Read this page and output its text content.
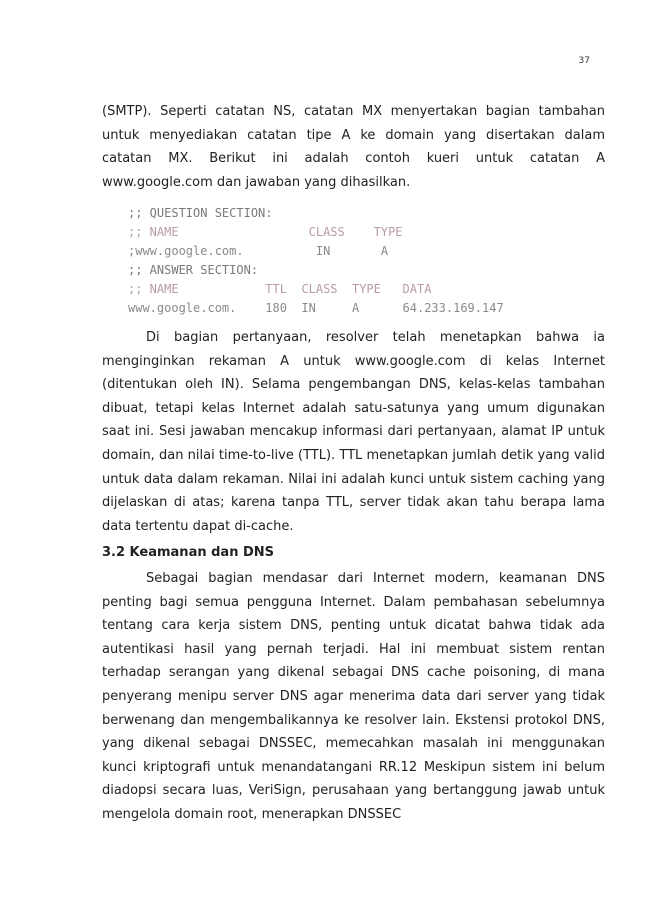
37

(SMTP). Seperti catatan NS, catatan MX menyertakan bagian tambahan untuk menyediakan catatan tipe A ke domain yang disertakan dalam catatan MX. Berikut ini adalah contoh kueri untuk catatan A www.google.com dan jawaban yang dihasilkan.

;; QUESTION SECTION:
;; NAME                  CLASS    TYPE
;www.google.com.          IN       A
;; ANSWER SECTION:
;; NAME            TTL  CLASS  TYPE   DATA
www.google.com.    180  IN     A      64.233.169.147

Di bagian pertanyaan, resolver telah menetapkan bahwa ia menginginkan rekaman A untuk www.google.com di kelas Internet (ditentukan oleh IN). Selama pengembangan DNS, kelas-kelas tambahan dibuat, tetapi kelas Internet adalah satu-satunya yang umum digunakan saat ini. Sesi jawaban mencakup informasi dari pertanyaan, alamat IP untuk domain, dan nilai time-to-live (TTL). TTL menetapkan jumlah detik yang valid untuk data dalam rekaman. Nilai ini adalah kunci untuk sistem caching yang dijelaskan di atas; karena tanpa TTL, server tidak akan tahu berapa lama data tertentu dapat di-cache.

3.2 Keamanan dan DNS

Sebagai bagian mendasar dari Internet modern, keamanan DNS penting bagi semua pengguna Internet. Dalam pembahasan sebelumnya tentang cara kerja sistem DNS, penting untuk dicatat bahwa tidak ada autentikasi hasil yang pernah terjadi. Hal ini membuat sistem rentan terhadap serangan yang dikenal sebagai DNS cache poisoning, di mana penyerang menipu server DNS agar menerima data dari server yang tidak berwenang dan mengembalikannya ke resolver lain. Ekstensi protokol DNS, yang dikenal sebagai DNSSEC, memecahkan masalah ini menggunakan kunci kriptografi untuk menandatangani RR.12 Meskipun sistem ini belum diadopsi secara luas, VeriSign, perusahaan yang bertanggung jawab untuk mengelola domain root, menerapkan DNSSEC
